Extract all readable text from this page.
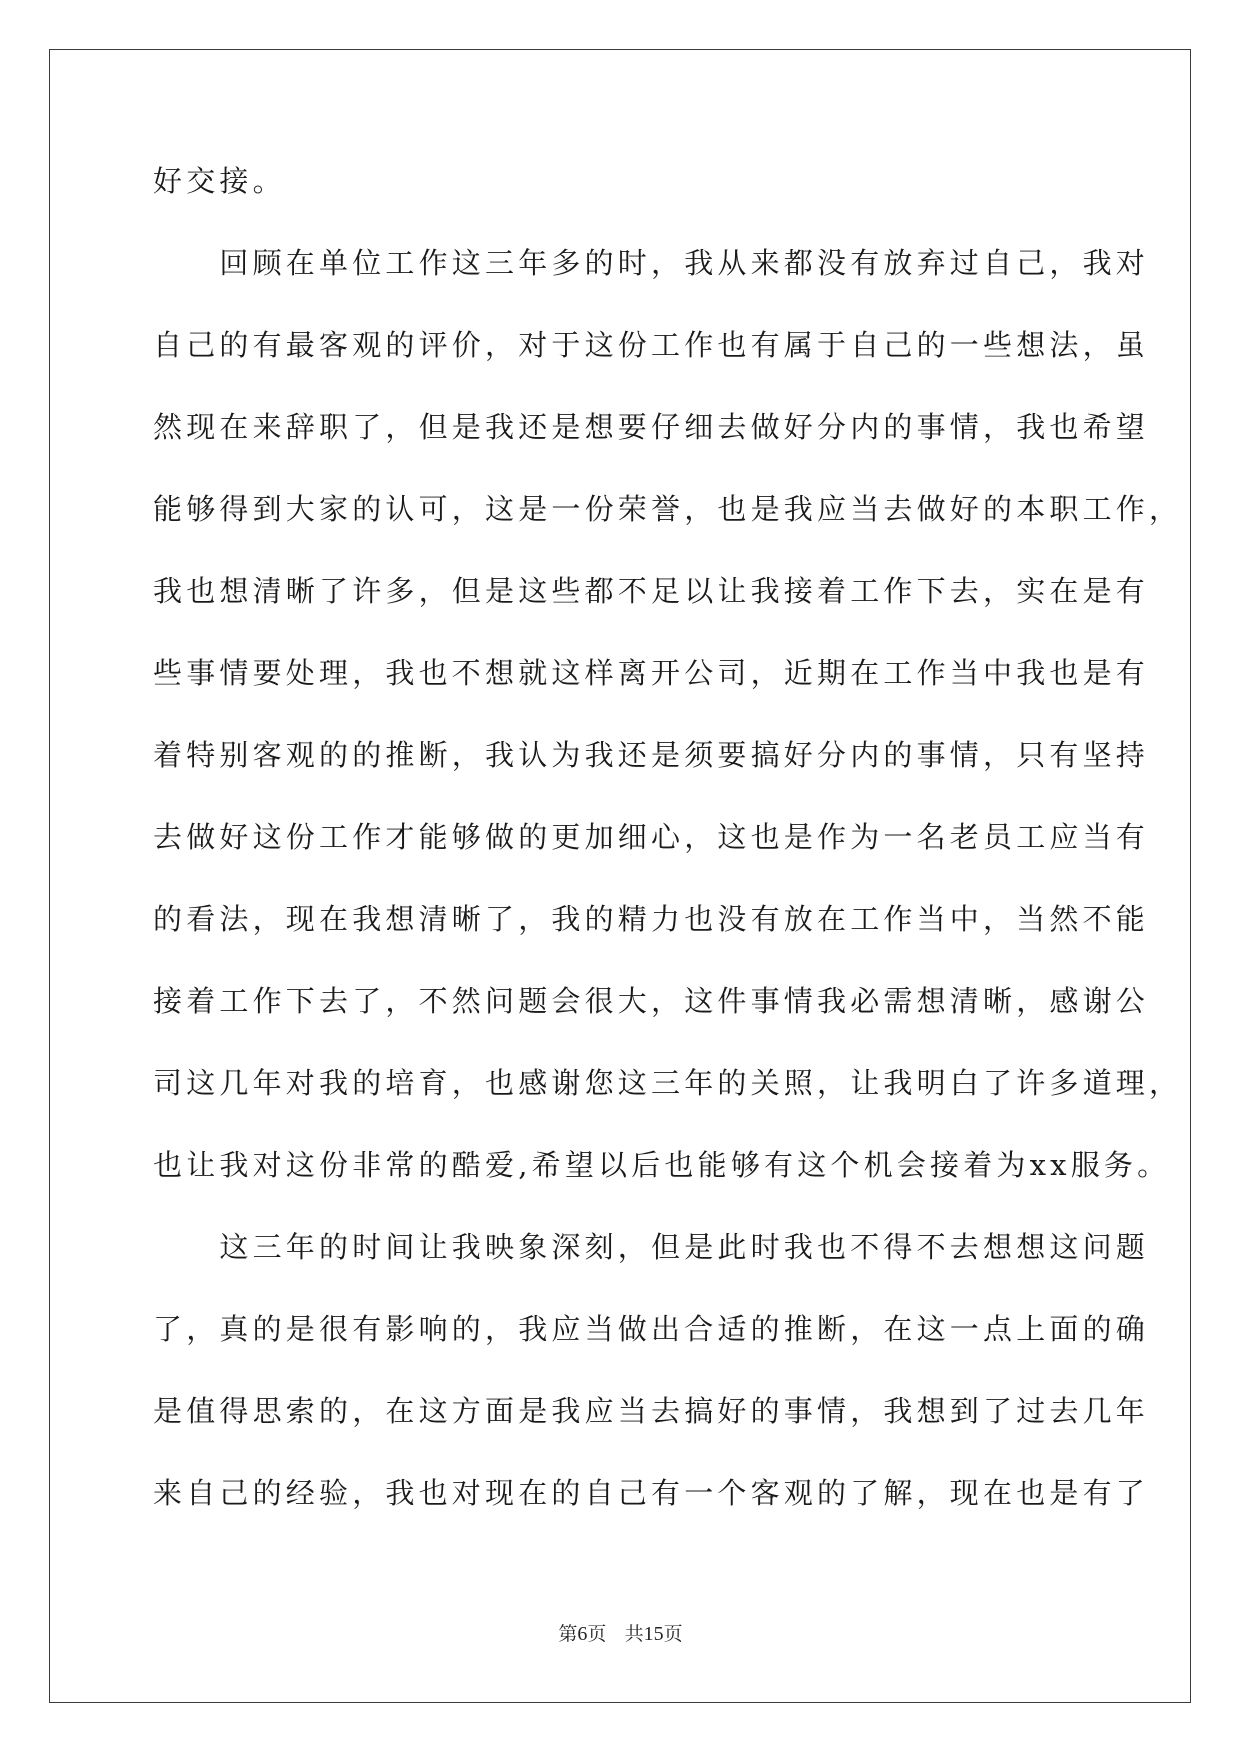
好交接。
　　回顾在单位工作这三年多的时，我从来都没有放弃过自己，我对
自己的有最客观的评价，对于这份工作也有属于自己的一些想法，虽
然现在来辞职了，但是我还是想要仔细去做好分内的事情，我也希望
能够得到大家的认可，这是一份荣誉，也是我应当去做好的本职工作，
我也想清晰了许多，但是这些都不足以让我接着工作下去，实在是有
些事情要处理，我也不想就这样离开公司，近期在工作当中我也是有
着特别客观的的推断，我认为我还是须要搞好分内的事情，只有坚持
去做好这份工作才能够做的更加细心，这也是作为一名老员工应当有
的看法，现在我想清晰了，我的精力也没有放在工作当中，当然不能
接着工作下去了，不然问题会很大，这件事情我必需想清晰，感谢公
司这几年对我的培育，也感谢您这三年的关照，让我明白了许多道理，
也让我对这份非常的酷爱,希望以后也能够有这个机会接着为xx服务。
　　这三年的时间让我映象深刻，但是此时我也不得不去想想这问题
了，真的是很有影响的，我应当做出合适的推断，在这一点上面的确
是值得思索的，在这方面是我应当去搞好的事情，我想到了过去几年
来自己的经验，我也对现在的自己有一个客观的了解，现在也是有了
第6页 共15页
